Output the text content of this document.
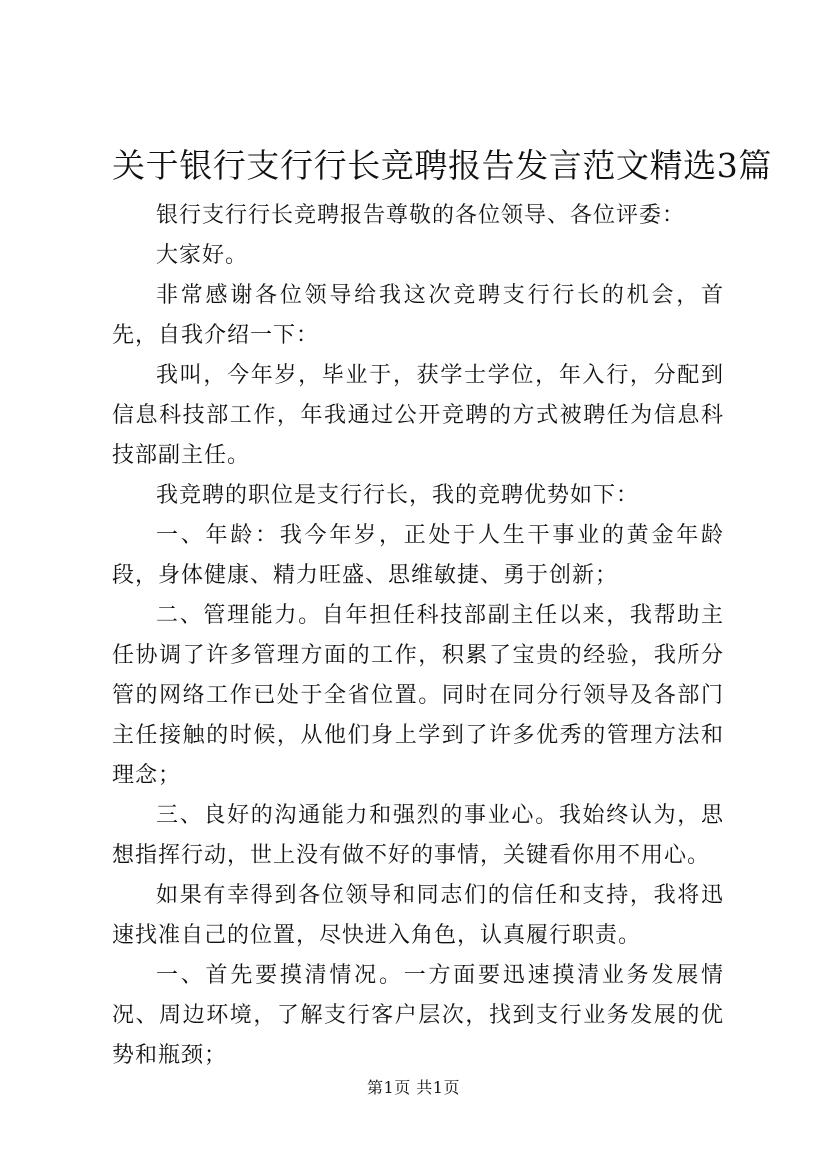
关于银行支行行长竞聘报告发言范文精选3篇

银行支行行长竞聘报告尊敬的各位领导、各位评委：

大家好。

非常感谢各位领导给我这次竞聘支行行长的机会，首先，自我介绍一下：

我叫，今年岁，毕业于，获学士学位，年入行，分配到信息科技部工作，年我通过公开竞聘的方式被聘任为信息科技部副主任。

我竞聘的职位是支行行长，我的竞聘优势如下：

一、年龄：我今年岁，正处于人生干事业的黄金年龄段，身体健康、精力旺盛、思维敏捷、勇于创新；

二、管理能力。自年担任科技部副主任以来，我帮助主任协调了许多管理方面的工作，积累了宝贵的经验，我所分管的网络工作已处于全省位置。同时在同分行领导及各部门主任接触的时候，从他们身上学到了许多优秀的管理方法和理念；

三、良好的沟通能力和强烈的事业心。我始终认为，思想指挥行动，世上没有做不好的事情，关键看你用不用心。

如果有幸得到各位领导和同志们的信任和支持，我将迅速找准自己的位置，尽快进入角色，认真履行职责。

一、首先要摸清情况。一方面要迅速摸清业务发展情况、周边环境，了解支行客户层次，找到支行业务发展的优势和瓶颈；

第1页 共1页
